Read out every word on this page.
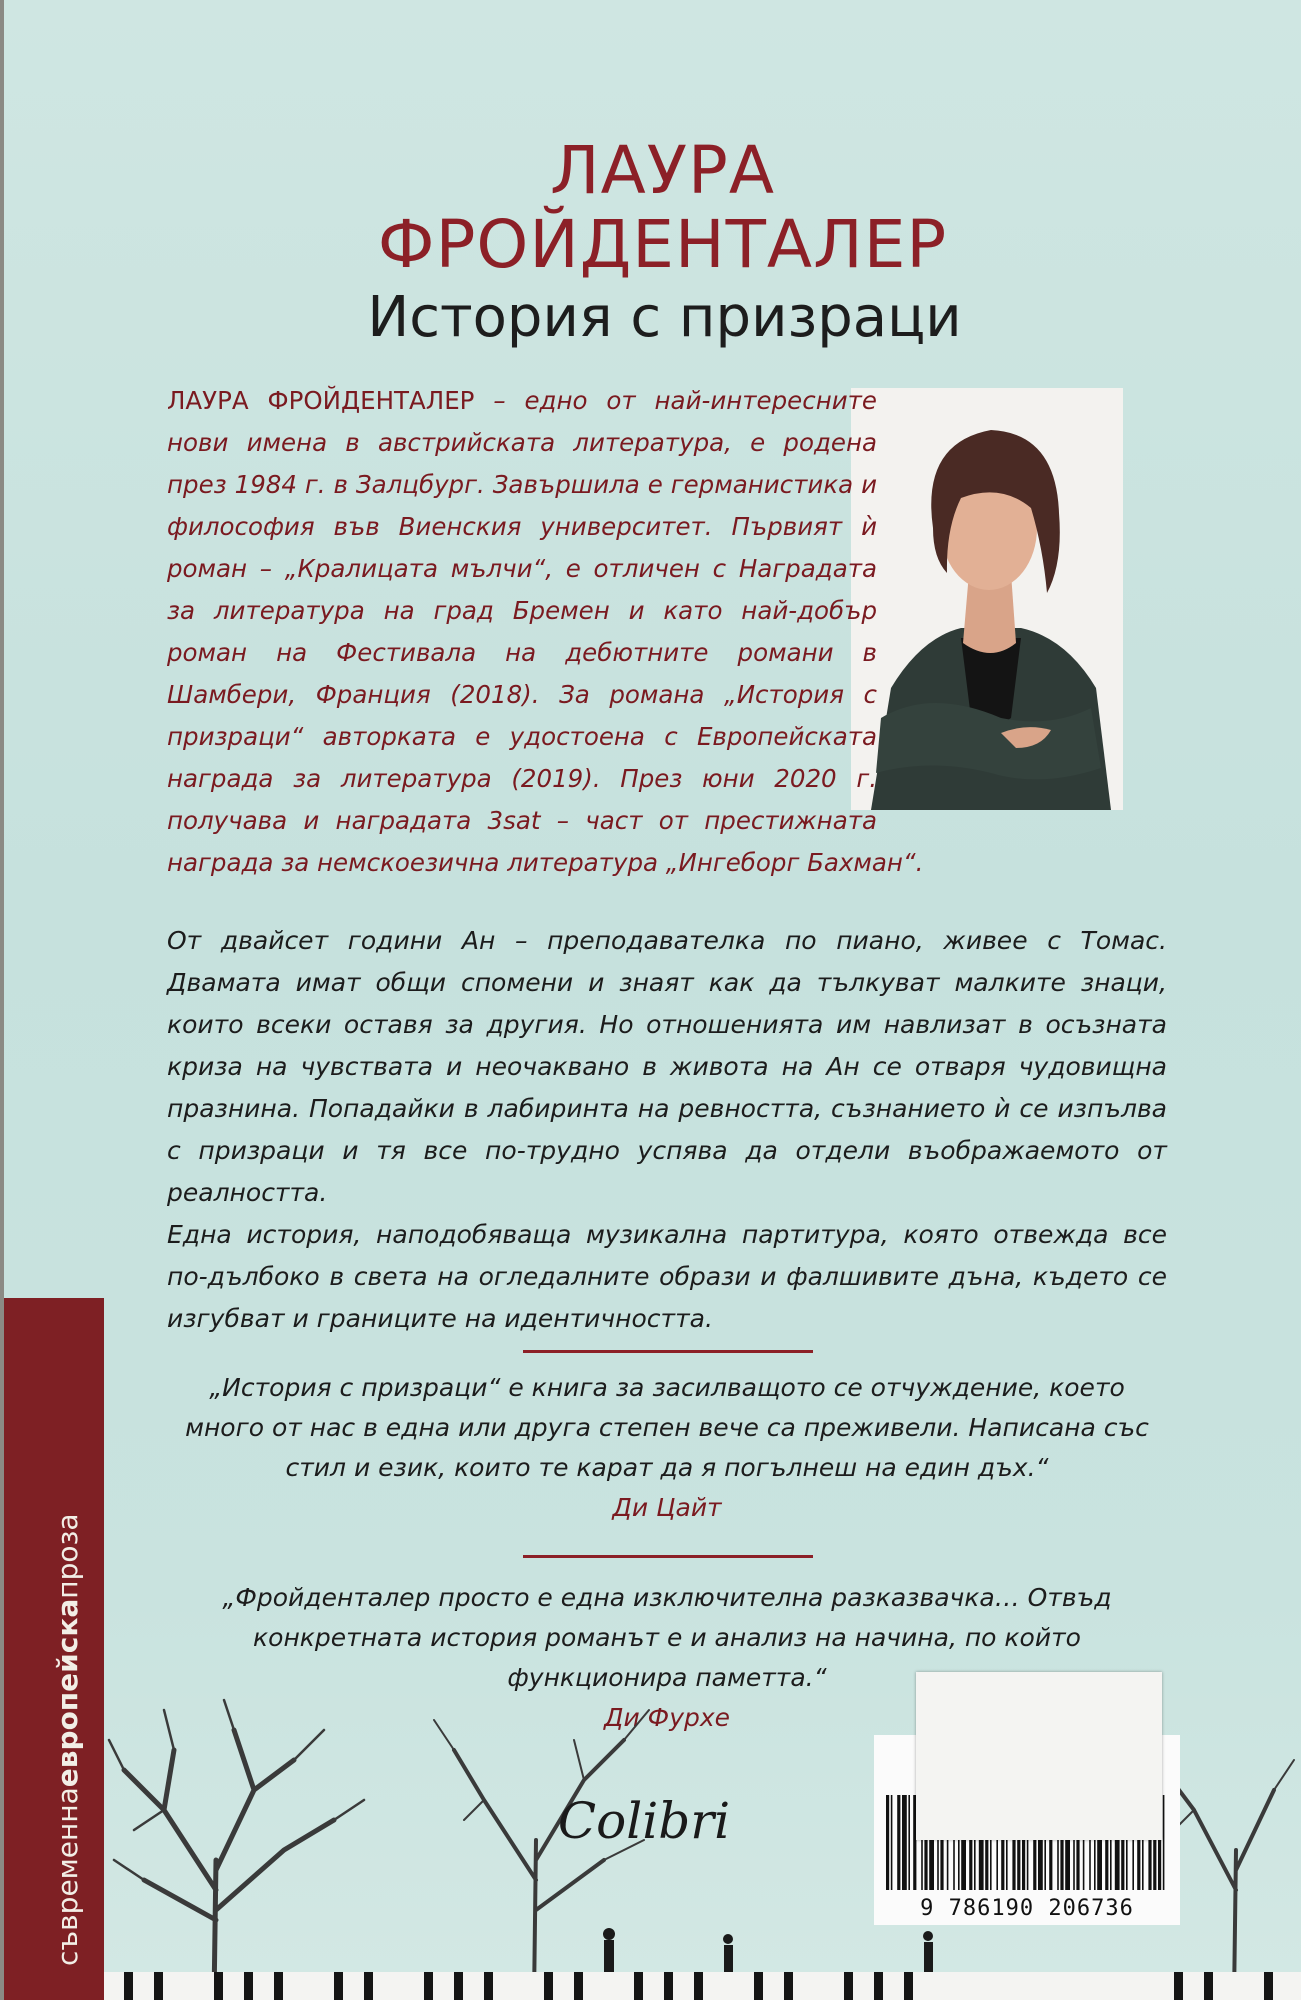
ЛАУРА
ФРОЙДЕНТАЛЕР
История с призраци
ЛАУРА ФРОЙДЕНТАЛЕР – едно от най-интересните нови имена в австрийската литература, е родена през 1984 г. в Залцбург. Завършила е германистика и философия във Виенския университет. Първият ѝ роман – „Кралицата мълчи“, е отличен с Наградата за литература на град Бремен и като най-добър роман на Фестивала на дебютните романи в Шамбери, Франция (2018). За романа „История с призраци“ авторката е удостоена с Европейската награда за литература (2019). През юни 2020 г. получава и наградата 3sat – част от престижната награда за немскоезична литература „Ингеборг Бахман“.

От двайсет години Ан – преподавателка по пиано, живее с Томас. Двамата имат общи спомени и знаят как да тълкуват малките знаци, които всеки оставя за другия. Но отношенията им навлизат в осъзната криза на чувствата и неочаквано в живота на Ан се отваря чудовищна празнина. Попадайки в лабиринта на ревността, съзнанието ѝ се изпълва с призраци и тя все по-трудно успява да отдели въображаемото от реалността.

Една история, наподобяваща музикална партитура, която отвежда все по-дълбоко в света на огледалните образи и фалшивите дъна, където се изгубват и границите на идентичността.

„История с призраци“ е книга за засилващото се отчуждение, което много от нас в една или друга степен вече са преживели. Написана със стил и език, които те карат да я погълнеш на един дъх.“
Ди Цайт
„Фройденталер просто е една изключителна разказвачка… Отвъд конкретната история романът е и анализ на начина, по който функционира паметта.“
Ди Фурхе
Colibri
съвременнаевропейскапроза
9 786190 206736
